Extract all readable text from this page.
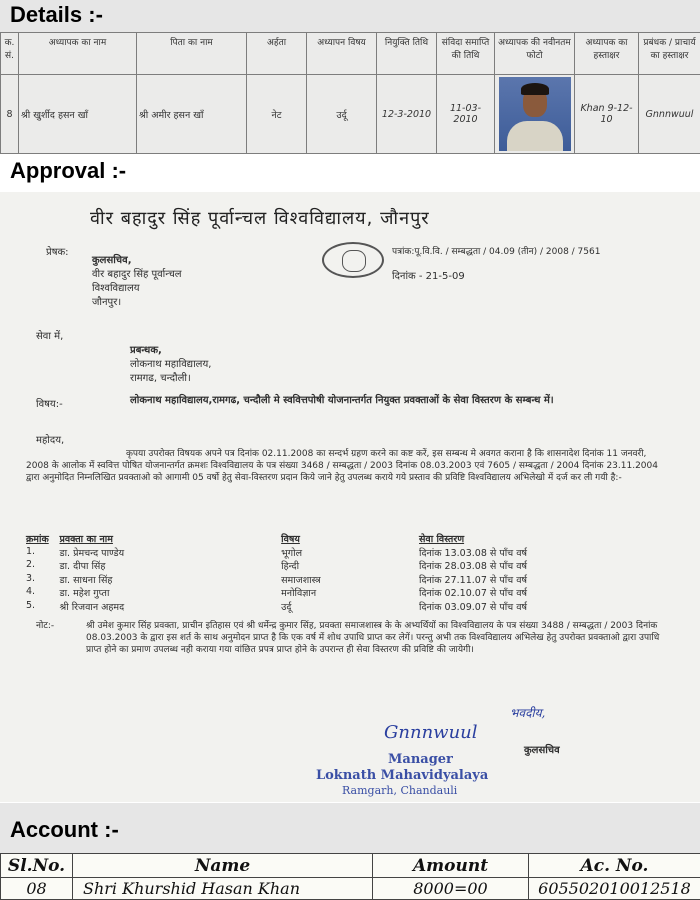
Details :-
क. सं.	अध्यापक का नाम	पिता का नाम	अर्हता	अध्यापन विषय	नियुक्ति तिथि	संविदा समाप्ति की तिथि	अध्यापक की नवीनतम फोटो	अध्यापक का हस्ताक्षर	प्रबंधक / प्राचार्य का हस्ताक्षर
8	श्री खुर्शीद हसन खाँ	श्री अमीर हसन खाँ	नेट	उर्दू	12-3-2010	11-03-2010		Khan 9-12-10	Gnnnwuul
Approval :-
वीर बहादुर सिंह पूर्वान्चल विश्वविद्यालय, जौनपुर
प्रेषक:
कुलसचिव,
वीर बहादुर सिंह पूर्वान्चल
विश्वविद्यालय
जौनपुर।
पत्रांक:पू.वि.वि. / सम्बद्धता / 04.09 (तीन) / 2008 / 7561
दिनांक - 21-5-09
सेवा में,
प्रबन्धक,
लोकनाथ महाविद्यालय,
रामगढ, चन्दौली।
विषय:-	लोकनाथ महाविद्यालय,रामगढ, चन्दौली मे स्ववित्तपोषी योजनान्तर्गत नियुक्त प्रवक्ताओं के सेवा विस्तरण के सम्बन्ध में।
महोदय,
कृपया उपरोक्त विषयक अपने पत्र दिनांक 02.11.2008 का सन्दर्भ ग्रहण करने का कष्ट करें, इस सम्बन्ध मे अवगत कराना है कि शासनादेश दिनांक 11 जनवरी, 2008 के आलोक में स्ववित्त पोषित योजनान्तर्गत क्रमशः विश्वविद्यालय के पत्र संख्या 3468 / सम्बद्धता / 2003 दिनांक 08.03.2003 एवं 7605 / सम्बद्धता / 2004 दिनांक 23.11.2004 द्वारा अनुमोदित निम्नलिखित प्रवक्ताओ को आगामी 05 वर्षो हेतु सेवा-विस्तरण प्रदान किये जाने हेतु उपलब्ध कराये गये प्रस्ताव की प्रविष्टि विश्वविद्यालय अभिलेखो में दर्ज कर ली गयी है:-
क्रमांक	प्रवक्ता का नाम	विषय	सेवा विस्तरण
1.	डा. प्रेमचन्द पाण्डेय	भूगोल	दिनांक 13.03.08 से पाँच वर्ष
2.	डा. दीपा सिंह	हिन्दी	दिनांक 28.03.08 से पाँच वर्ष
3.	डा. साधना सिंह	समाजशास्त्र	दिनांक 27.11.07 से पाँच वर्ष
4.	डा. महेश गुप्ता	मनोविज्ञान	दिनांक 02.10.07 से पाँच वर्ष
5.	श्री रिजवान अहमद	उर्दू	दिनांक 03.09.07 से पाँच वर्ष
नोट:-	श्री उमेश कुमार सिंह प्रवक्ता, प्राचीन इतिहास एवं श्री धर्मेन्द्र कुमार सिंह, प्रवक्ता समाजशास्त्र के के अभ्यर्थियों का विश्वविद्यालय के पत्र संख्या 3488 / सम्बद्धता / 2003 दिनांक 08.03.2003 के द्वारा इस शर्त के साथ अनुमोदन प्राप्त है कि एक वर्ष में शोध उपाधि प्राप्त कर लेगें। परन्तु अभी तक विश्वविद्यालय अभिलेख हेतु उपरोक्त प्रवक्ताओ द्वारा उपाधि प्राप्त होने का प्रमाण उपलब्ध नही कराया गया वांछित प्रपत्र प्राप्त होने के उपरान्त ही सेवा विस्तरण की प्रविष्टि की जायेगी।
भवदीय,
कुलसचिव
Gnnnwuul
Manager
Loknath Mahavidyalaya
Ramgarh, Chandauli
Account :-
Sl.No.	Name	Amount	Ac. No.
08	Shri Khurshid Hasan Khan	8000=00	605502010012518
